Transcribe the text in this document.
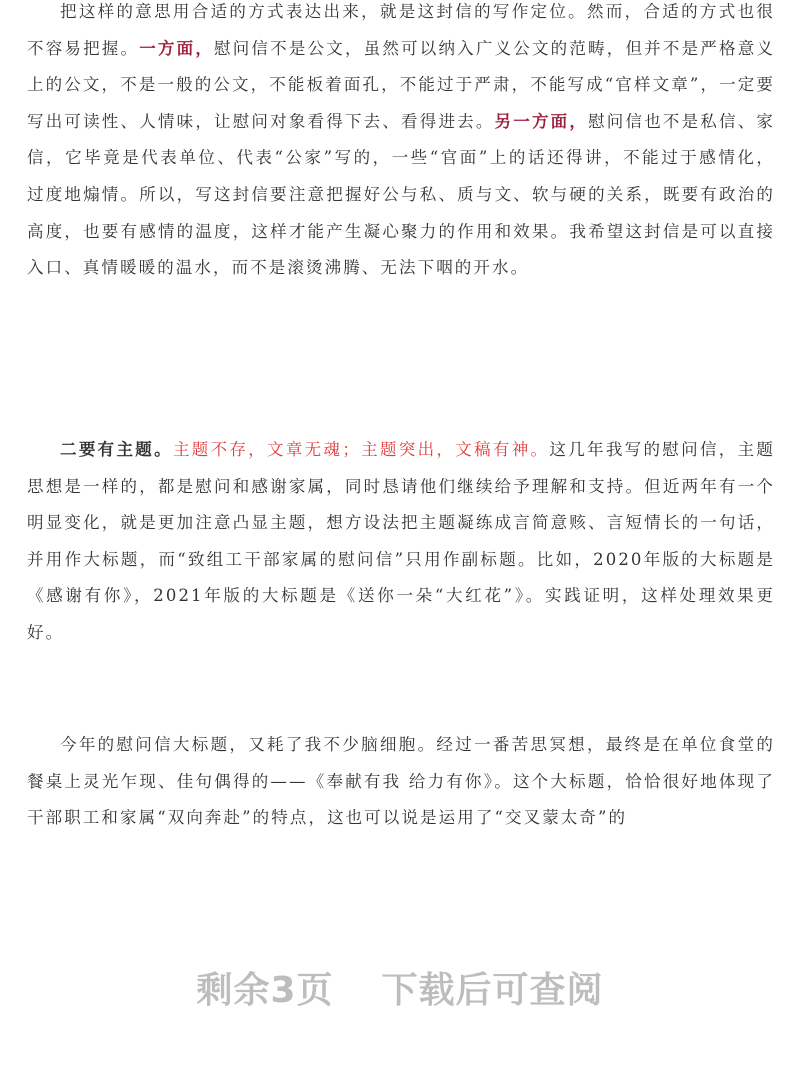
把这样的意思用合适的方式表达出来，就是这封信的写作定位。然而，合适的方式也很不容易把握。一方面，慰问信不是公文，虽然可以纳入广义公文的范畴，但并不是严格意义上的公文，不是一般的公文，不能板着面孔，不能过于严肃，不能写成“官样文章”，一定要写出可读性、人情味，让慰问对象看得下去、看得进去。另一方面，慰问信也不是私信、家信，它毕竟是代表单位、代表“公家”写的，一些“官面”上的话还得讲，不能过于感情化，过度地煽情。所以，写这封信要注意把握好公与私、质与文、软与硬的关系，既要有政治的高度，也要有感情的温度，这样才能产生凝心聚力的作用和效果。我希望这封信是可以直接入口、真情暖暖的温水，而不是滚烫沸腾、无法下咽的开水。

二要有主题。主题不存，文章无魂；主题突出，文稿有神。这几年我写的慰问信，主题思想是一样的，都是慰问和感谢家属，同时恳请他们继续给予理解和支持。但近两年有一个明显变化，就是更加注意凸显主题，想方设法把主题凝练成言简意赅、言短情长的一句话，并用作大标题，而“致组工干部家属的慰问信”只用作副标题。比如，2020年版的大标题是《感谢有你》，2021年版的大标题是《送你一朵“大红花”》。实践证明，这样处理效果更好。

今年的慰问信大标题，又耗了我不少脑细胞。经过一番苦思冥想，最终是在单位食堂的餐桌上灵光乍现、佳句偶得的——《奉献有我 给力有你》。这个大标题，恰恰很好地体现了干部职工和家属“双向奔赴”的特点，这也可以说是运用了“交叉蒙太奇”的

剩余3页 下载后可查阅
